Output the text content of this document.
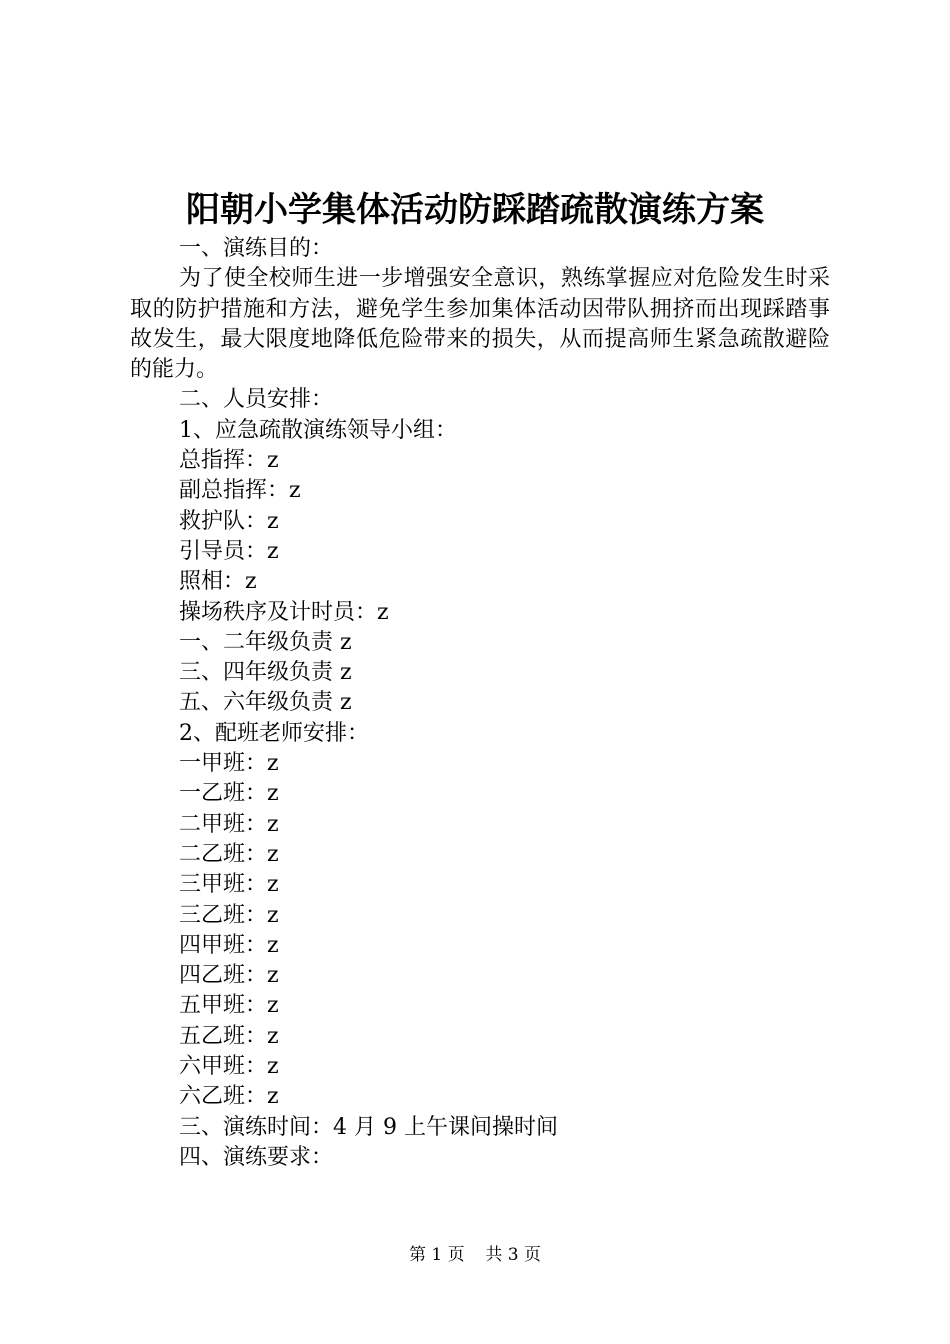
阳朝小学集体活动防踩踏疏散演练方案
一、演练目的：

为了使全校师生进一步增强安全意识，熟练掌握应对危险发生时采取的防护措施和方法，避免学生参加集体活动因带队拥挤而出现踩踏事故发生，最大限度地降低危险带来的损失，从而提高师生紧急疏散避险的能力。

二、人员安排：
1、应急疏散演练领导小组：
总指挥：z
副总指挥：z
救护队：z
引导员：z
照相：z
操场秩序及计时员：z
一、二年级负责 z
三、四年级负责 z
五、六年级负责 z
2、配班老师安排：
一甲班：z
一乙班：z
二甲班：z
二乙班：z
三甲班：z
三乙班：z
四甲班：z
四乙班：z
五甲班：z
五乙班：z
六甲班：z
六乙班：z
三、演练时间：4 月 9 上午课间操时间
四、演练要求：
第 1 页 共 3 页
